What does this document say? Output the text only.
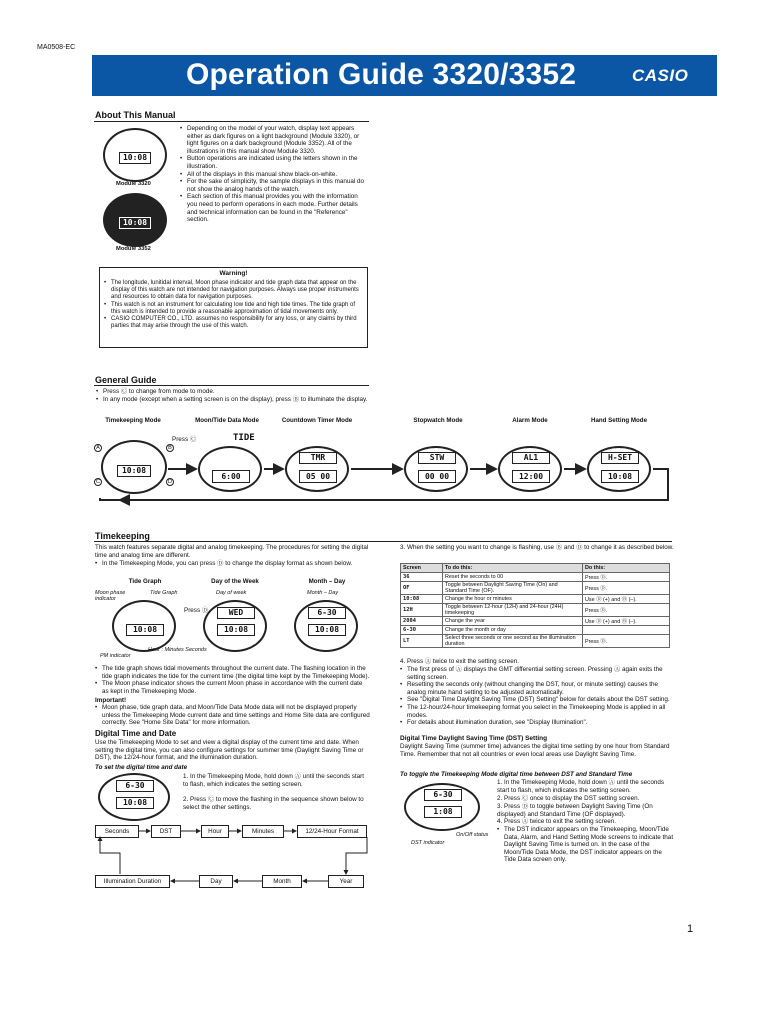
MA0508-EC
Operation Guide 3320/3352	CASIO
About This Manual
10:08
Module 3320
10:08
Module 3352
• Depending on the model of your watch, display text appears either as dark figures on a light background (Module 3320), or light figures on a dark background (Module 3352). All of the illustrations in this manual show Module 3320.
• Button operations are indicated using the letters shown in the illustration.
• All of the displays in this manual show black-on-white.
• For the sake of simplicity, the sample displays in this manual do not show the analog hands of the watch.
• Each section of this manual provides you with the information you need to perform operations in each mode. Further details and technical information can be found in the "Reference" section.
Warning!
• The longitude, lunitidal interval, Moon phase indicator and tide graph data that appear on the display of this watch are not intended for navigation purposes. Always use proper instruments and resources to obtain data for navigation purposes.
• This watch is not an instrument for calculating low tide and high tide times. The tide graph of this watch is intended to provide a reasonable approximation of tidal movements only.
• CASIO COMPUTER CO., LTD. assumes no responsibility for any loss, or any claims by third parties that may arise through the use of this watch.
General Guide
• Press Ⓒ to change from mode to mode.
• In any mode (except when a setting screen is on the display), press Ⓑ to illuminate the display.
Timekeeping Mode	Moon/Tide Data Mode	Countdown Timer Mode	Stopwatch Mode	Alarm Mode	Hand Setting Mode
Press Ⓒ
10:08
A	B
C	D
6:00
TIDE
TMR
05 00
STW
00 00
AL1
12:00
H-SET
10:08
Timekeeping
This watch features separate digital and analog timekeeping. The procedures for setting the digital time and analog time are different.
• In the Timekeeping Mode, you can press Ⓓ to change the display format as shown below.
Tide Graph	Day of the Week	Month – Day
Moon phase indicator
Tide Graph	Day of week	Month – Day
10:08
Press Ⓓ	WED
10:08
6-30
10:08
PM indicator
Hour : Minutes Seconds
• The tide graph shows tidal movements throughout the current date. The flashing location in the tide graph indicates the tide for the current time (the digital time kept by the Timekeeping Mode).
• The Moon phase indicator shows the current Moon phase in accordance with the current date as kept in the Timekeeping Mode.
Important!
• Moon phase, tide graph data, and Moon/Tide Data Mode data will not be displayed properly unless the Timekeeping Mode current date and time settings and Home Site data are configured correctly. See "Home Site Data" for more information.
Digital Time and Date
Use the Timekeeping Mode to set and view a digital display of the current time and date. When setting the digital time, you can also configure settings for summer time (Daylight Saving Time or DST), the 12/24-hour format, and the illumination duration.
To set the digital time and date
6-30
10:08
1. In the Timekeeping Mode, hold down Ⓐ until the seconds start to flash, which indicates the setting screen.
2. Press Ⓒ to move the flashing in the sequence shown below to select the other settings.
Seconds	DST	Hour	Minutes	12/24-Hour Format
Illumination Duration	Day	Month	Year
3. When the setting you want to change is flashing, use Ⓑ and Ⓓ to change it as described below.
Screen	To do this:	Do this:
36	Reset the seconds to 00	Press Ⓓ.
OF	Toggle between Daylight Saving Time (On) and Standard Time (OF).	Press Ⓓ.
10:08	Change the hour or minutes	Use Ⓓ (+) and Ⓑ (–).
12H	Toggle between 12-hour (12H) and 24-hour (24H) timekeeping	Press Ⓓ.
2004	Change the year	Use Ⓓ (+) and Ⓑ (–).
6-30	Change the month or day	
LT	Select three seconds or one second as the illumination duration	Press Ⓓ.
4. Press Ⓐ twice to exit the setting screen.
• The first press of Ⓐ displays the GMT differential setting screen. Pressing Ⓐ again exits the setting screen.
• Resetting the seconds only (without changing the DST, hour, or minute setting) causes the analog minute hand setting to be adjusted automatically.
• See "Digital Time Daylight Saving Time (DST) Setting" below for details about the DST setting.
• The 12-hour/24-hour timekeeping format you select in the Timekeeping Mode is applied in all modes.
• For details about illumination duration, see "Display Illumination".
Digital Time Daylight Saving Time (DST) Setting
Daylight Saving Time (summer time) advances the digital time setting by one hour from Standard Time. Remember that not all countries or even local areas use Daylight Saving Time.
To toggle the Timekeeping Mode digital time between DST and Standard Time
6-30
1:08
On/Off status
DST indicator
1. In the Timekeeping Mode, hold down Ⓐ until the seconds start to flash, which indicates the setting screen.
2. Press Ⓒ once to display the DST setting screen.
3. Press Ⓓ to toggle between Daylight Saving Time (On displayed) and Standard Time (OF displayed).
4. Press Ⓐ twice to exit the setting screen.
• The DST indicator appears on the Timekeeping, Moon/Tide Data, Alarm, and Hand Setting Mode screens to indicate that Daylight Saving Time is turned on. In the case of the Moon/Tide Data Mode, the DST indicator appears on the Tide Data screen only.
1
